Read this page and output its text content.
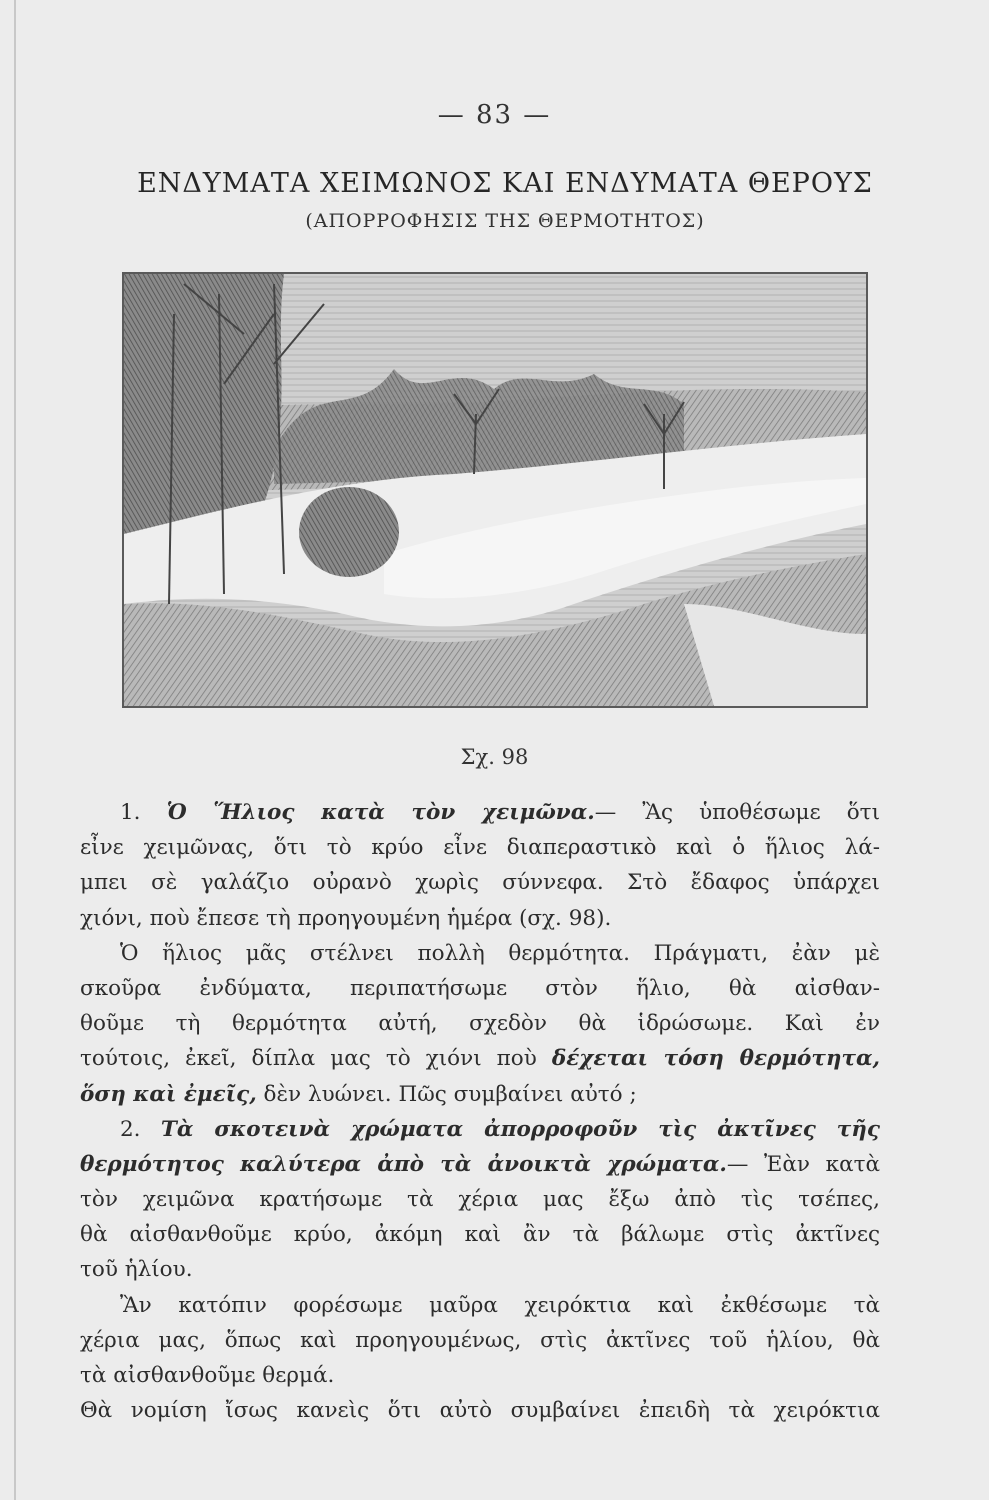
— 83 —
ΕΝΔΥΜΑΤΑ ΧΕΙΜΩΝΟΣ ΚΑΙ ΕΝΔΥΜΑΤΑ ΘΕΡΟΥΣ
(ΑΠΟΡΡΟΦΗΣΙΣ ΤΗΣ ΘΕΡΜΟΤΗΤΟΣ)
Σχ. 98
1. Ὁ Ἥλιος κατὰ τὸν χειμῶνα.— Ἂς ὑποθέσωμε ὅτι
εἶνε χειμῶνας, ὅτι τὸ κρύο εἶνε διαπεραστικὸ καὶ ὁ ἥλιος λά-
μπει σὲ γαλάζιο οὐρανὸ χωρὶς σύννεφα. Στὸ ἔδαφος ὑπάρχει
χιόνι, ποὺ ἔπεσε τὴ προηγουμένη ἡμέρα (σχ. 98).
Ὁ ἥλιος μᾶς στέλνει πολλὴ θερμότητα. Πράγματι, ἐὰν μὲ
σκοῦρα ἐνδύματα, περιπατήσωμε στὸν ἥλιο, θὰ αἰσθαν-
θοῦμε τὴ θερμότητα αὐτή, σχεδὸν θὰ ἱδρώσωμε. Καὶ ἐν
τούτοις, ἐκεῖ, δίπλα μας τὸ χιόνι ποὺ δέχεται τόση θερμότητα,
ὅση καὶ ἐμεῖς, δὲν λυώνει. Πῶς συμβαίνει αὐτό ;
2. Τὰ σκοτεινὰ χρώματα ἀπορροφοῦν τὶς ἀκτῖνες τῆς
θερμότητος καλύτερα ἀπὸ τὰ ἀνοικτὰ χρώματα.— Ἐὰν κατὰ
τὸν χειμῶνα κρατήσωμε τὰ χέρια μας ἔξω ἀπὸ τὶς τσέπες,
θὰ αἰσθανθοῦμε κρύο, ἀκόμη καὶ ἂν τὰ βάλωμε στὶς ἀκτῖνες
τοῦ ἡλίου.
Ἂν κατόπιν φορέσωμε μαῦρα χειρόκτια καὶ ἐκθέσωμε τὰ
χέρια μας, ὅπως καὶ προηγουμένως, στὶς ἀκτῖνες τοῦ ἡλίου, θὰ
τὰ αἰσθανθοῦμε θερμά.
Θὰ νομίση ἴσως κανεὶς ὅτι αὐτὸ συμβαίνει ἐπειδὴ τὰ χειρόκτια
